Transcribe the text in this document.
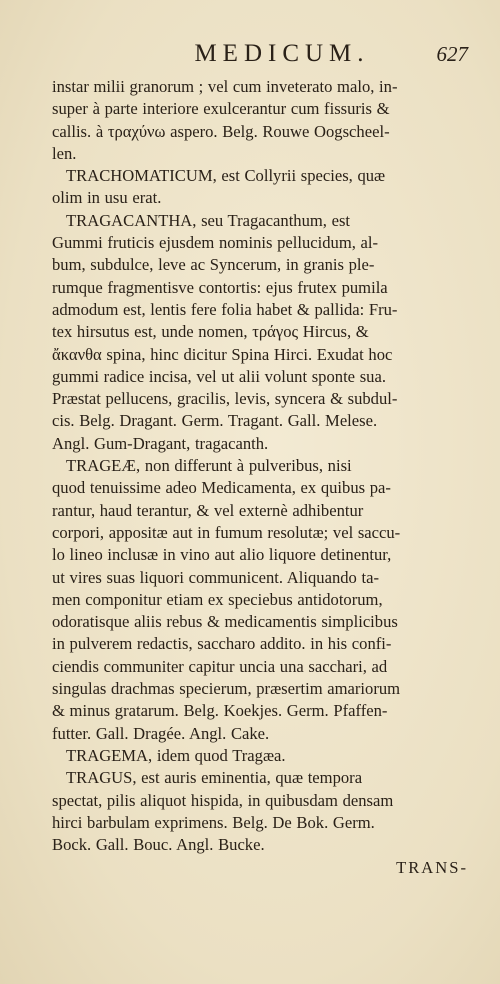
MEDICUM.	627
instar milii granorum ; vel cum inveterato malo, in-
super à parte interiore exulcerantur cum fissuris &
callis. à τραχύνω aspero. Belg. Rouwe Oogscheel-
len.
TRACHOMATICUM, est Collyrii species, quæ
olim in usu erat.
TRAGACANTHA, seu Tragacanthum, est
Gummi fruticis ejusdem nominis pellucidum, al-
bum, subdulce, leve ac Syncerum, in granis ple-
rumque fragmentisve contortis: ejus frutex pumila
admodum est, lentis fere folia habet & pallida: Fru-
tex hirsutus est, unde nomen, τράγος Hircus, &
ἄκανθα spina, hinc dicitur Spina Hirci. Exudat hoc
gummi radice incisa, vel ut alii volunt sponte sua.
Præstat pellucens, gracilis, levis, syncera & subdul-
cis. Belg. Dragant. Germ. Tragant. Gall. Melese.
Angl. Gum-Dragant, tragacanth.
TRAGEÆ, non differunt à pulveribus, nisi
quod tenuissime adeo Medicamenta, ex quibus pa-
rantur, haud terantur, & vel externè adhibentur
corpori, appositæ aut in fumum resolutæ; vel saccu-
lo lineo inclusæ in vino aut alio liquore detinentur,
ut vires suas liquori communicent. Aliquando ta-
men componitur etiam ex speciebus antidotorum,
odoratisque aliis rebus & medicamentis simplicibus
in pulverem redactis, saccharo addito. in his confi-
ciendis communiter capitur uncia una sacchari, ad
singulas drachmas specierum, præsertim amariorum
& minus gratarum. Belg. Koekjes. Germ. Pfaffen-
futter. Gall. Dragée. Angl. Cake.
TRAGEMA, idem quod Tragæa.
TRAGUS, est auris eminentia, quæ tempora
spectat, pilis aliquot hispida, in quibusdam densam
hirci barbulam exprimens. Belg. De Bok. Germ.
Bock. Gall. Bouc. Angl. Bucke.
TRANS-
